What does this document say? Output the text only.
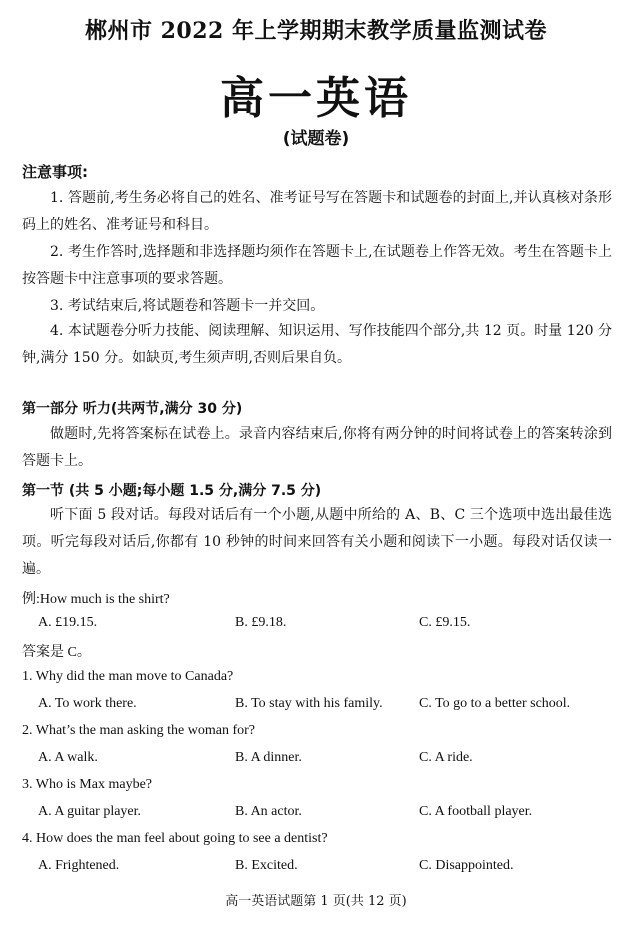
郴州市 2022 年上学期期末教学质量监测试卷
高一英语
(试题卷)
注意事项:
1. 答题前,考生务必将自己的姓名、准考证号写在答题卡和试题卷的封面上,并认真核对条形码上的姓名、准考证号和科目。
2. 考生作答时,选择题和非选择题均须作在答题卡上,在试题卷上作答无效。考生在答题卡上按答题卡中注意事项的要求答题。
3. 考试结束后,将试题卷和答题卡一并交回。
4. 本试题卷分听力技能、阅读理解、知识运用、写作技能四个部分,共 12 页。时量 120 分钟,满分 150 分。如缺页,考生须声明,否则后果自负。
第一部分 听力(共两节,满分 30 分)
做题时,先将答案标在试卷上。录音内容结束后,你将有两分钟的时间将试卷上的答案转涂到答题卡上。
第一节 (共 5 小题;每小题 1.5 分,满分 7.5 分)
听下面 5 段对话。每段对话后有一个小题,从题中所给的 A、B、C 三个选项中选出最佳选项。听完每段对话后,你都有 10 秒钟的时间来回答有关小题和阅读下一小题。每段对话仅读一遍。
例:How much is the shirt?
A. £19.15.	B. £9.18.	C. £9.15.
答案是 C。
1. Why did the man move to Canada?
A. To work there.	B. To stay with his family.	C. To go to a better school.
2. What’s the man asking the woman for?
A. A walk.	B. A dinner.	C. A ride.
3. Who is Max maybe?
A. A guitar player.	B. An actor.	C. A football player.
4. How does the man feel about going to see a dentist?
A. Frightened.	B. Excited.	C. Disappointed.
高一英语试题第 1 页(共 12 页)
